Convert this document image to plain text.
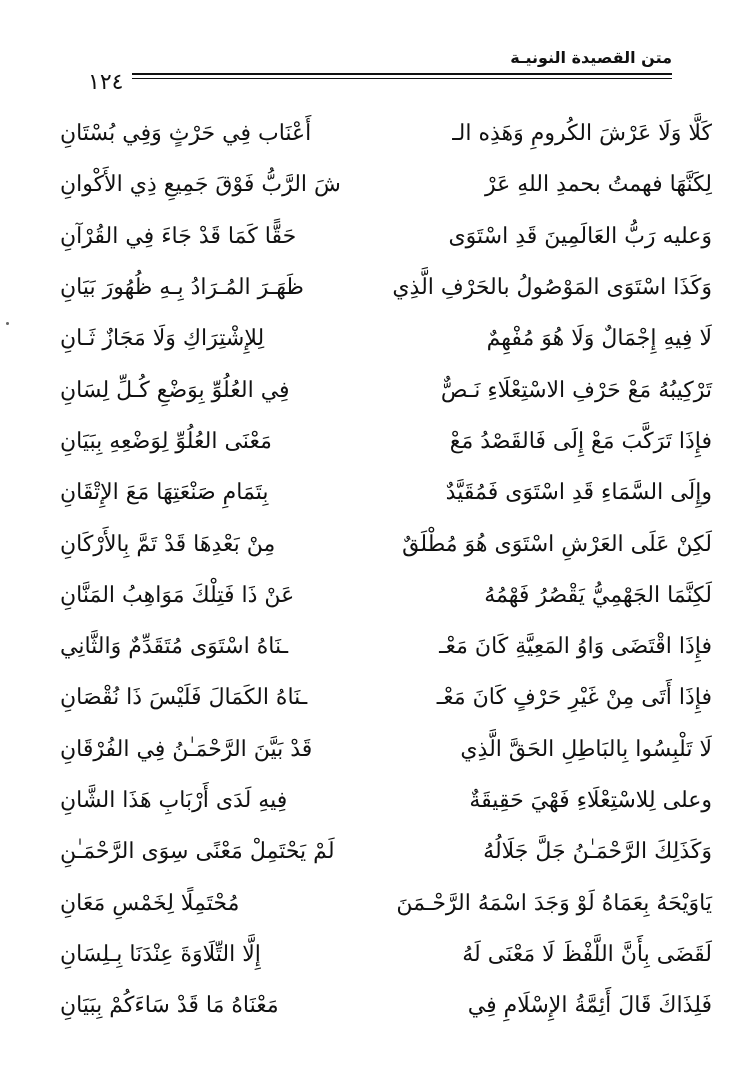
متن القصيدة النونيـة
١٢٤
كَلَّا وَلَا عَرْشَ الكُرومِ وَهَذِه الـ
أَعْنَاب فِي حَرْثٍ وَفِي بُسْتَانِ
لِكَنَّهَا فهمتُ بحمدِ اللهِ عَرْ
شَ الرَّبُّ فَوْقَ جَمِيعِ ذِي الأَكْوانِ
وَعليه رَبُّ العَالَمِينَ قَدِ اسْتَوَى
حَقًّا كَمَا قَدْ جَاءَ فِي القُرْآنِ
وَكَذَا اسْتَوَى المَوْصُولُ بالحَرْفِ الَّذِي
ظَهَـرَ المُـرَادُ بِـهِ ظُهُورَ بَيَانِ
لَا فِيهِ إِجْمَالٌ وَلَا هُوَ مُفْهِمٌ
لِلإِشْتِرَاكِ وَلَا مَجَازٌ ثَـانِ
تَرْكِيبُهُ مَعْ حَرْفِ الاسْتِعْلَاءِ نَـصٌّ
فِي العُلُوِّ بِوَضْعِ كُـلِّ لِسَانِ
فإِذَا تَرَكَّبَ مَعْ إِلَى فَالقَصْدُ مَعْ
مَعْنَى العُلُوِّ لِوَضْعِهِ بِبَيَانِ
وإِلَى السَّمَاءِ قَدِ اسْتَوَى فَمُقَيَّدٌ
بِتَمَامِ صَنْعَتِهَا مَعَ الإِتْقَانِ
لَكِنْ عَلَى العَرْشِ اسْتَوَى هُوَ مُطْلَقٌ
مِنْ بَعْدِهَا قَدْ تَمَّ بِالأَرْكَانِ
لَكِنَّمَا الجَهْمِيُّ يَقْصُرُ فَهْمُهُ
عَنْ ذَا فَتِلْكَ مَوَاهِبُ المَنَّانِ
فإِذَا اقْتَضَى وَاوُ المَعِيَّةِ كَانَ مَعْـ
ـنَاهُ اسْتَوَى مُتَقَدِّمٌ وَالثَّانِي
فإِذَا أَتَى مِنْ غَيْرِ حَرْفٍ كَانَ مَعْـ
ـنَاهُ الكَمَالَ فَلَيْسَ ذَا نُقْصَانِ
لَا تَلْبِسُوا بِالبَاطِلِ الحَقَّ الَّذِي
قَدْ بَيَّنَ الرَّحْمَـٰنُ فِي الفُرْقَانِ
وعلى لِلاسْتِعْلَاءِ فَهْيَ حَقِيقَةٌ
فِيهِ لَدَى أَرْبَابِ هَذَا الشَّانِ
وَكَذَلِكَ الرَّحْمَـٰنُ جَلَّ جَلَالُهُ
لَمْ يَحْتَمِلْ مَعْنًى سِوَى الرَّحْمَـٰنِ
يَاوَيْحَهُ بِعَمَاهُ لَوْ وَجَدَ اسْمَهُ الرَّحْـمَنَ
مُحْتَمِلًا لِخَمْسِ مَعَانِ
لَقَضَى بِأَنَّ اللَّفْظَ لَا مَعْنَى لَهُ
إِلَّا التِّلَاوَةَ عِنْدَنَا بِـلِسَانِ
فَلِذَاكَ قَالَ أَئِمَّةُ الإِسْلَامِ فِي
مَعْنَاهُ مَا قَدْ سَاءَكُمْ بِبَيَانِ
